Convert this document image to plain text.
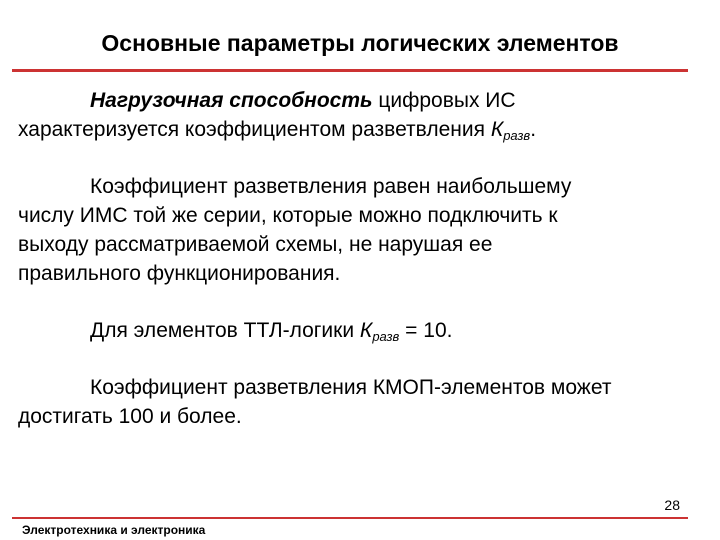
Основные параметры логических элементов
Нагрузочная способность цифровых ИС
характеризуется коэффициентом разветвления $К_{разв}$.
Коэффициент разветвления равен наибольшему
числу ИМС той же серии, которые можно подключить к
выходу рассматриваемой схемы, не нарушая ее
правильного функционирования.
Для элементов ТТЛ-логики $К_{разв} = 10$.
Коэффициент разветвления КМОП-элементов может
достигать 100 и более.
28
Электротехника и электроника
